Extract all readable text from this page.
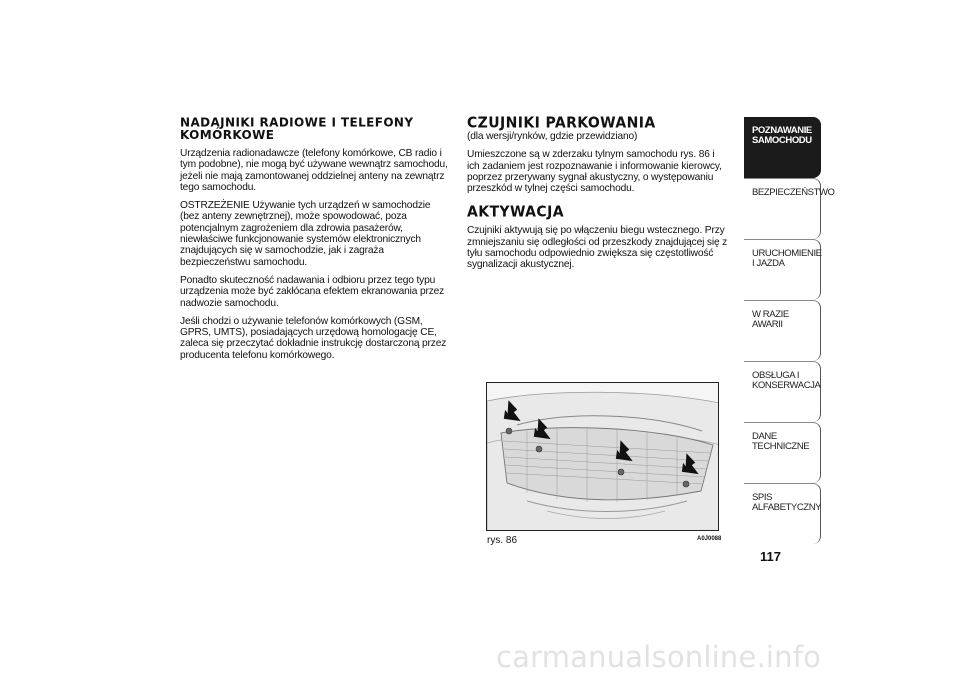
NADAJNIKI RADIOWE I TELEFONY KOMÓRKOWE

Urządzenia radionadawcze (telefony komórkowe, CB radio i tym podobne), nie mogą być używane wewnątrz samochodu, jeżeli nie mają zamontowanej oddzielnej anteny na zewnątrz tego samochodu.

OSTRZEŻENIE Używanie tych urządzeń w samochodzie (bez anteny zewnętrznej), może spowodować, poza potencjalnym zagrożeniem dla zdrowia pasażerów, niewłaściwe funkcjonowanie systemów elektronicznych znajdujących się w samochodzie, jak i zagraża bezpieczeństwu samochodu.

Ponadto skuteczność nadawania i odbioru przez tego typu urządzenia może być zakłócana efektem ekranowania przez nadwozie samochodu.

Jeśli chodzi o używanie telefonów komórkowych (GSM, GPRS, UMTS), posiadających urzędową homologację CE, zaleca się przeczytać dokładnie instrukcję dostarczoną przez producenta telefonu komórkowego.

CZUJNIKI PARKOWANIA

(dla wersji/rynków, gdzie przewidziano)

Umieszczone są w zderzaku tylnym samochodu rys. 86 i ich zadaniem jest rozpoznawanie i informowanie kierowcy, poprzez przerywany sygnał akustyczny, o występowaniu przeszkód w tylnej części samochodu.

AKTYWACJA

Czujniki aktywują się po włączeniu biegu wstecznego. Przy zmniejszaniu się odległości od przeszkody znajdującej się z tyłu samochodu odpowiednio zwiększa się częstotliwość sygnalizacji akustycznej.

rys. 86	A0J0088
POZNAWANIE SAMOCHODU
BEZPIECZEŃSTWO
URUCHOMIENIE I JAZDA
W RAZIE AWARII
OBSŁUGA I KONSERWACJA
DANE TECHNICZNE
SPIS ALFABETYCZNY
117
carmanualsonline.info
